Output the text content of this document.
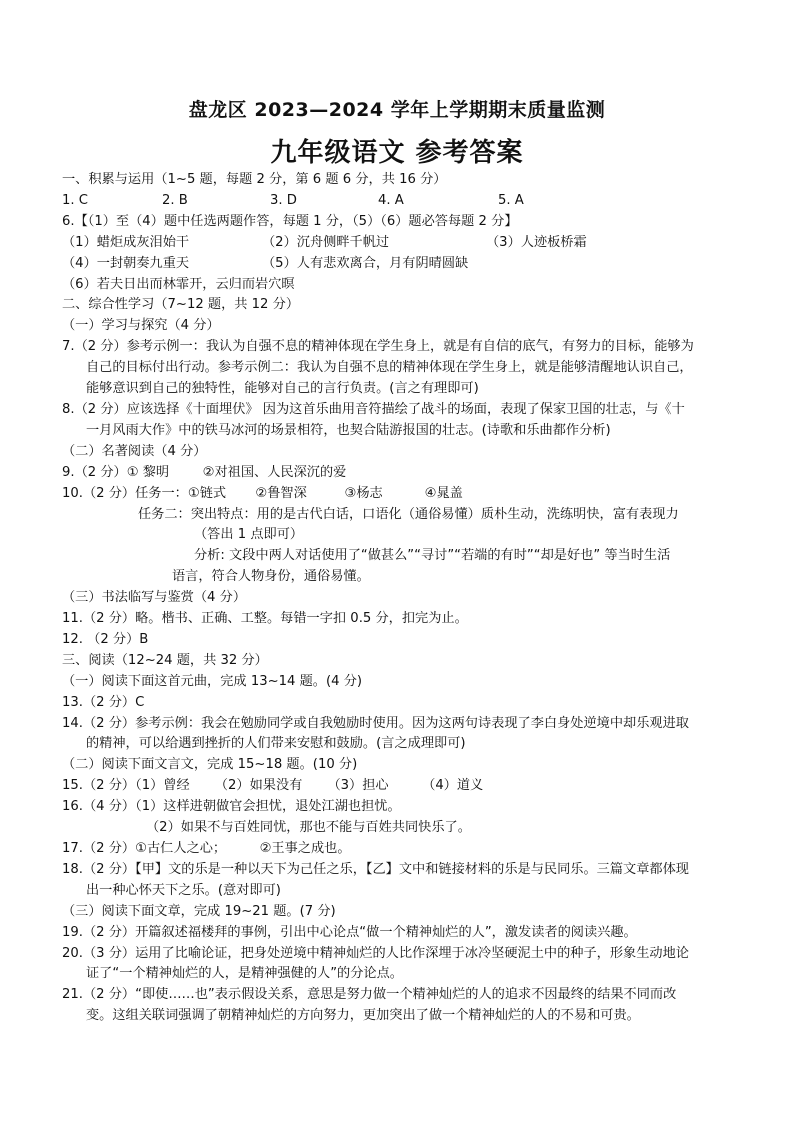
盘龙区 2023—2024 学年上学期期末质量监测
九年级语文 参考答案
一、积累与运用（1~5 题，每题 2 分，第 6 题 6 分，共 16 分）
1. C	2. B	3. D	4. A	5. A
6.【（1）至（4）题中任选两题作答，每题 1 分，（5）（6）题必答每题 2 分】
（1）蜡炬成灰泪始干	（2）沉舟侧畔千帆过	（3）人迹板桥霜
（4）一封朝奏九重天	（5）人有悲欢离合，月有阴晴圆缺
（6）若夫日出而林霏开，云归而岩穴暝
二、综合性学习（7~12 题，共 12 分）
（一）学习与探究（4 分）
7.（2 分）参考示例一：我认为自强不息的精神体现在学生身上，就是有自信的底气，有努力的目标，能够为
自己的目标付出行动。参考示例二：我认为自强不息的精神体现在学生身上，就是能够清醒地认识自己，
能够意识到自己的独特性，能够对自己的言行负责。(言之有理即可)
8.（2 分）应该选择《十面埋伏》 因为这首乐曲用音符描绘了战斗的场面，表现了保家卫国的壮志，与《十
一月风雨大作》中的铁马冰河的场景相符，也契合陆游报国的壮志。(诗歌和乐曲都作分析)
（二）名著阅读（4 分）
9.（2 分）① 黎明        ②对祖国、人民深沉的爱
10.（2 分）任务一：①链式       ②鲁智深         ③杨志          ④晁盖
任务二：突出特点：用的是古代白话，口语化（通俗易懂）质朴生动，洗练明快，富有表现力
（答出 1 点即可）
分析: 文段中两人对话使用了“做甚么”“寻讨”“若端的有时”“却是好也” 等当时生活
语言，符合人物身份，通俗易懂。
（三）书法临写与鉴赏（4 分）
11.（2 分）略。楷书、正确、工整。每错一字扣 0.5 分，扣完为止。
12. （2 分）B
三、阅读（12~24 题，共 32 分）
（一）阅读下面这首元曲，完成 13~14 题。(4 分)
13.（2 分）C
14.（2 分）参考示例：我会在勉励同学或自我勉励时使用。因为这两句诗表现了李白身处逆境中却乐观进取
的精神，可以给遇到挫折的人们带来安慰和鼓励。(言之成理即可)
（二）阅读下面文言文，完成 15~18 题。(10 分)
15.（2 分）（1）曾经      （2）如果没有      （3）担心        （4）道义
16.（4 分）（1）这样进朝做官会担忧，退处江湖也担忧。
（2）如果不与百姓同忧，那也不能与百姓共同快乐了。
17.（2 分）①古仁人之心；        ②王事之成也。
18.（2 分）【甲】文的乐是一种以天下为己任之乐，【乙】文中和链接材料的乐是与民同乐。三篇文章都体现
出一种心怀天下之乐。(意对即可)
（三）阅读下面文章，完成 19~21 题。(7 分)
19.（2 分）开篇叙述福楼拜的事例，引出中心论点“做一个精神灿烂的人”，激发读者的阅读兴趣。
20.（3 分）运用了比喻论证，把身处逆境中精神灿烂的人比作深埋于冰冷坚硬泥土中的种子，形象生动地论
证了“一个精神灿烂的人，是精神强健的人”的分论点。
21.（2 分）“即使……也”表示假设关系，意思是努力做一个精神灿烂的人的追求不因最终的结果不同而改
变。这组关联词强调了朝精神灿烂的方向努力，更加突出了做一个精神灿烂的人的不易和可贵。
